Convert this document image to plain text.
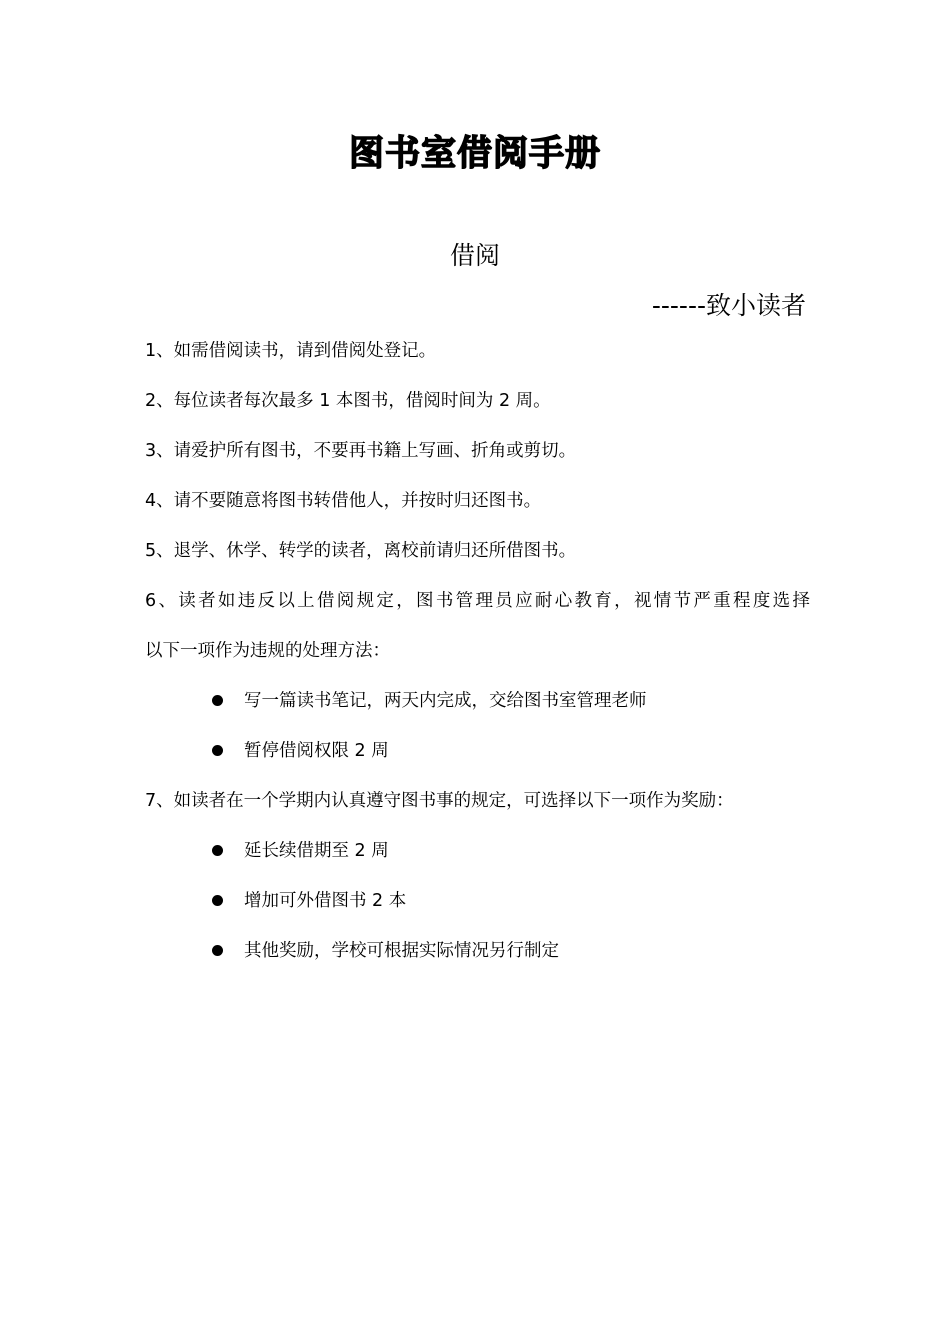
图书室借阅手册
借阅
------致小读者
1、如需借阅读书，请到借阅处登记。
2、每位读者每次最多 1 本图书，借阅时间为 2 周。
3、请爱护所有图书，不要再书籍上写画、折角或剪切。
4、请不要随意将图书转借他人，并按时归还图书。
5、退学、休学、转学的读者，离校前请归还所借图书。
6、读者如违反以上借阅规定，图书管理员应耐心教育，视情节严重程度选择
以下一项作为违规的处理方法：
写一篇读书笔记，两天内完成，交给图书室管理老师
暂停借阅权限 2 周
7、如读者在一个学期内认真遵守图书事的规定，可选择以下一项作为奖励：
延长续借期至 2 周
增加可外借图书 2 本
其他奖励，学校可根据实际情况另行制定
